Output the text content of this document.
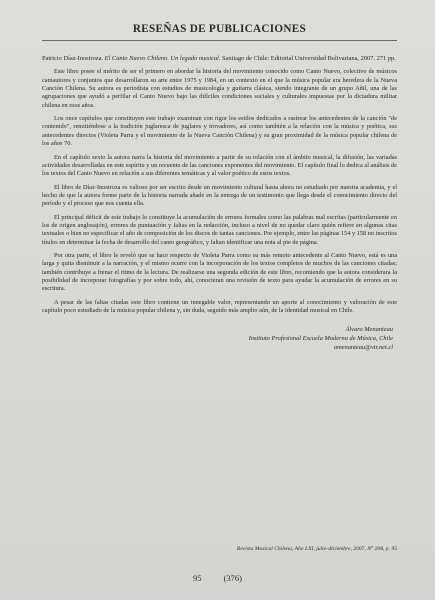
RESEÑAS DE PUBLICACIONES
Patricio Díaz-Inostroza. El Canto Nuevo Chileno. Un legado musical. Santiago de Chile: Editorial Universidad Bolivariana, 2007. 271 pp.

Este libro posee el mérito de ser el primero en abordar la historia del movimiento conocido como Canto Nuevo, colectivo de músicos cantautores y conjuntos que desarrollaron su arte entre 1975 y 1984, en un contexto en el que la música popular era heredera de la Nueva Canción Chilena. Su autora es periodista con estudios de musicología y guitarra clásica, siendo integrante de un grupo Añil, una de las agrupaciones que ayudó a perfilar el Canto Nuevo bajo las difíciles condiciones sociales y culturales impuestas por la dictadura militar chilena en esos años.

Los once capítulos que constituyen este trabajo examinan con rigor los estilos dedicados a rastrear los antecedentes de la canción "de contenido", remitiéndose a la tradición juglaresca de juglares y trovadores, así como también a la relación con la música y poética, sus antecedentes directos (Violeta Parra y el movimiento de la Nueva Canción Chilena) y su gran proximidad de la música popular chilena de los años 70.

En el capítulo sexto la autora narra la historia del movimiento a partir de su relación con el ámbito musical, la difusión, las variadas actividades desarrolladas en este espíritu y un recuento de las canciones exponentes del movimiento. El capítulo final lo dedica al análisis de los textos del Canto Nuevo en relación a sus diferentes temáticas y al valor poético de estos textos.

El libro de Díaz-Inostroza es valioso por ser escrito desde un movimiento cultural hasta ahora no estudiado por nuestra academia, y el hecho de que la autora forme parte de la historia narrada añade en la entrega de un testimonio que llega desde el conocimiento directo del período y el proceso que nos cuenta ella.

El principal déficit de este trabajo lo constituye la acumulación de errores formales como las palabras mal escritas (particularmente en los de origen anglosajón), errores de puntuación y faltas en la redacción, incluso a nivel de no quedar claro quién refiere en algunas citas textuales o bien no especificar el año de composición de los discos de tantas canciones. Por ejemplo, entre las páginas 154 y 158 no inscritos títulos en determinar la fecha de desarrollo del canto geográfico, y faltan identificar una nota al pie de página.

Por otra parte, el libro le reveló que se hace respecto de Violeta Parra como su más remoto antecedente al Canto Nuevo, está es una larga y quita disminuir a la narración, y el mismo ocurre con la incorporación de los textos completos de muchos de las canciones citadas; también contribuye a frenar el ritmo de la lectura. De realizarse una segunda edición de este libro, recomiendo que la autora considerara la posibilidad de incorporar fotografías y por sobre todo, ahí, conocieran una revisión de texto para ayudar la acumulación de errores en su escritura.

A pesar de las faltas citadas este libro contiene un innegable valor, representando un aporte al conocimiento y valoración de este capítulo poco estudiado de la música popular chilena y, sin duda, seguido más amplio aún, de la identidad musical en Chile.

Álvaro Menanteau
Instituto Profesional Escuela Moderna de Música, Chile
amenanteau@vtr.net.cl
Revista Musical Chilena, Año LXI, julio-diciembre, 2007, N° 208, p. 95
95	(376)
